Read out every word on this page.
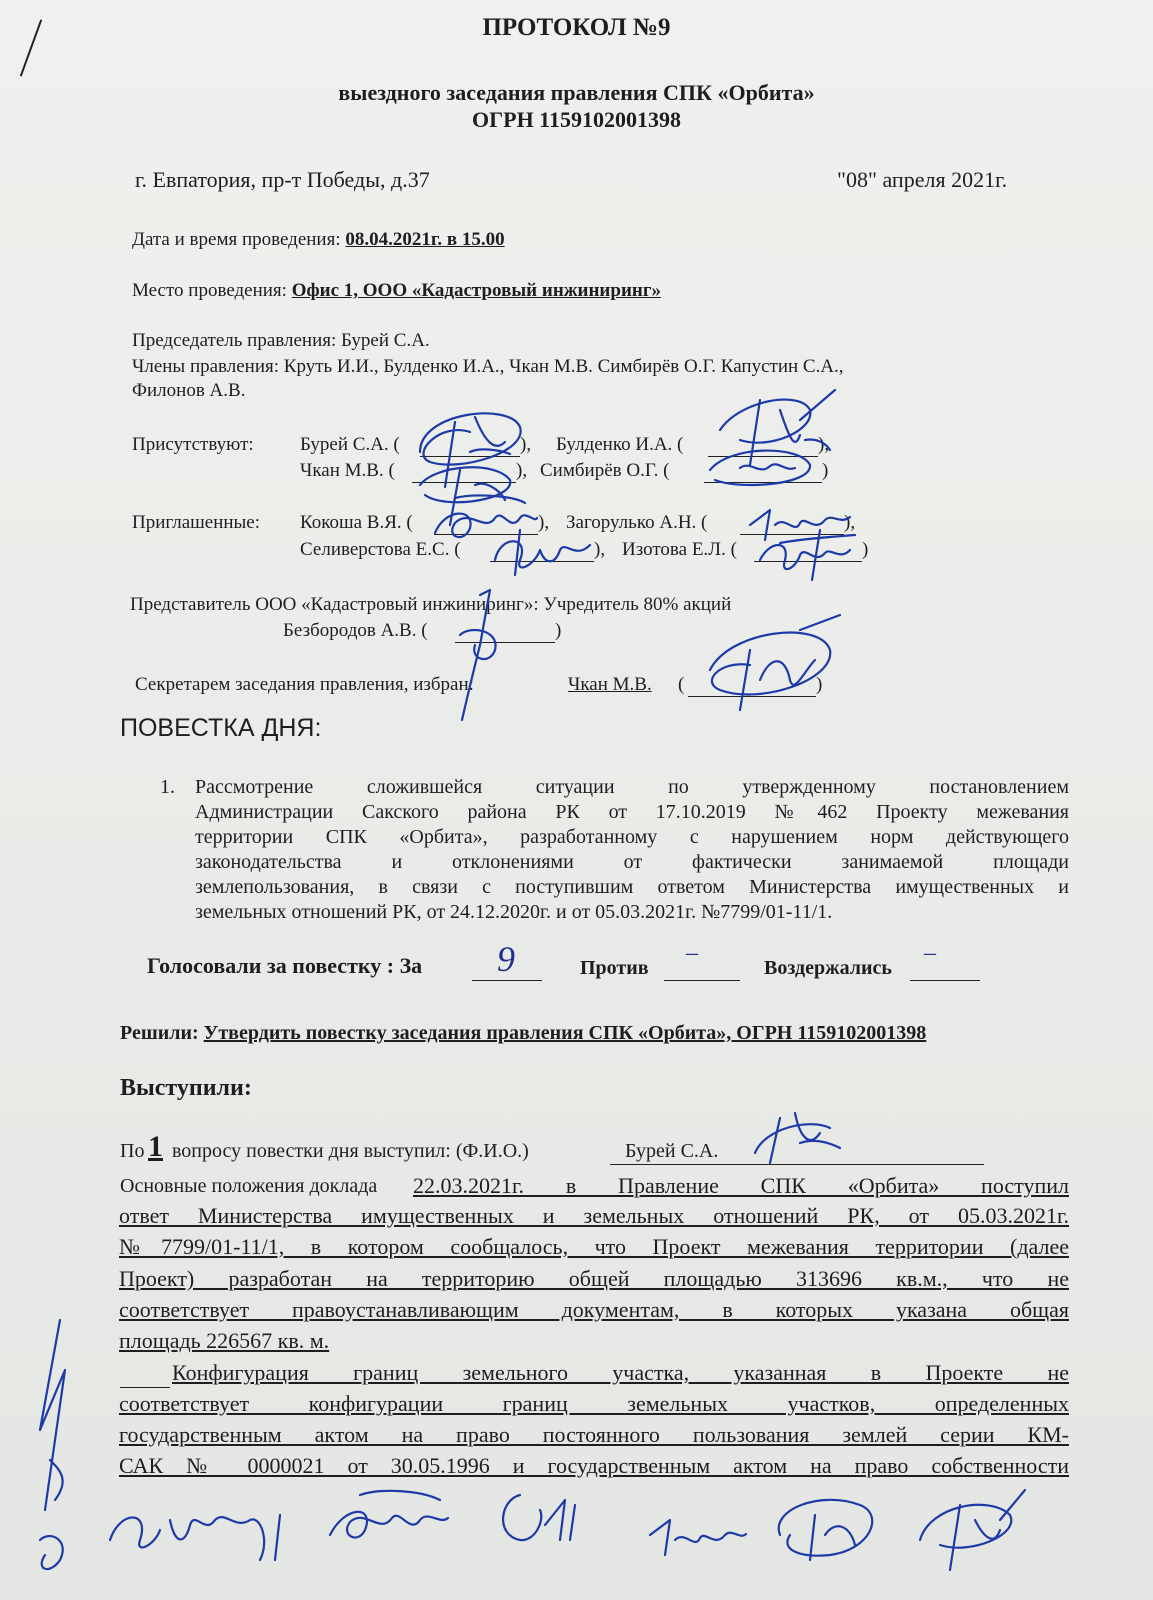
ПРОТОКОЛ №9
выездного заседания правления СПК «Орбита»
ОГРН 1159102001398
г. Евпатория, пр-т Победы, д.37	"08" апреля 2021г.
Дата и время проведения: 08.04.2021г. в 15.00
Место проведения: Офис 1, ООО «Кадастровый инжиниринг»
Председатель правления: Бурей С.А.
Члены правления: Круть И.И., Булденко И.А., Чкан М.В. Симбирёв О.Г. Капустин С.А.,
Филонов А.В.
Присутствуют: Бурей С.А. (	), Булденко И.А. (	),
Чкан М.В. (	), Симбирёв О.Г. (	)
Приглашенные: Кокоша В.Я. (	), Загорулько А.Н. (	),
Селиверстова Е.С. (	), Изотова Е.Л. (	)
Представитель ООО «Кадастровый инжиниринг»: Учредитель 80% акций
Безбородов А.В. (	)
Секретарем заседания правления, избран:	Чкан М.В. (	)
ПОВЕСТКА ДНЯ:
1. Рассмотрение сложившейся ситуации по утвержденному постановлением
Администрации Сакского района РК от 17.10.2019 №462 Проекту межевания
территории СПК «Орбита», разработанному с нарушением норм действующего
законодательства и отклонениями от фактически занимаемой площади
землепользования, в связи с поступившим ответом Министерства имущественных и
земельных отношений РК, от 24.12.2020г. и от 05.03.2021г. №7799/01-11/1.
Голосовали за повестку : За 9	Против
–
Воздержались
–
Решили: Утвердить повестку заседания правления СПК «Орбита», ОГРН 1159102001398
Выступили:
По 1 вопросу повестки дня выступил: (Ф.И.О.)	Бурей С.А.
Основные положения доклада 22.03.2021г. в Правление СПК «Орбита» поступил
ответ Министерства имущественных и земельных отношений РК, от 05.03.2021г.
№7799/01-11/1, в котором сообщалось, что Проект межевания территории (далее
Проект) разработан на территорию общей площадью 313696 кв.м., что не
соответствует правоустанавливающим документам, в которых указана общая
площадь 226567 кв. м.
Конфигурация границ земельного участка, указанная в Проекте не
соответствует конфигурации границ земельных участков, определенных
государственным актом на право постоянного пользования землей серии КМ-
САК № 0000021 от 30.05.1996 и государственным актом на право собственности
